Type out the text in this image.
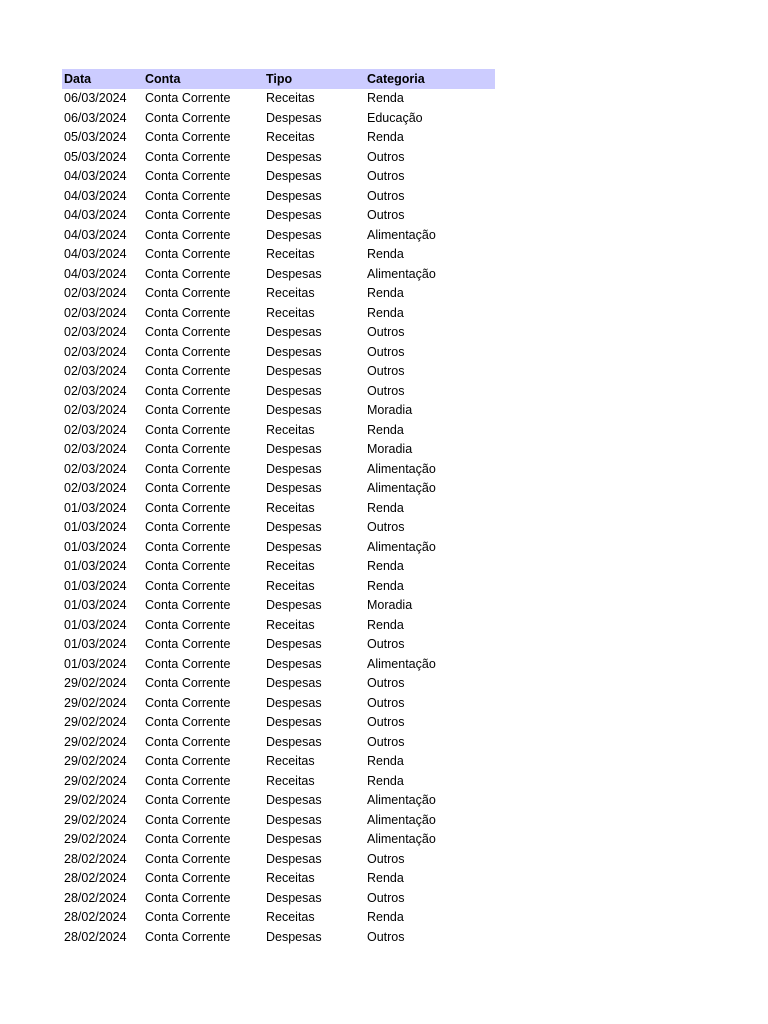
Data	Conta	Tipo	Categoria
06/03/2024	Conta Corrente	Receitas	Renda
06/03/2024	Conta Corrente	Despesas	Educação
05/03/2024	Conta Corrente	Receitas	Renda
05/03/2024	Conta Corrente	Despesas	Outros
04/03/2024	Conta Corrente	Despesas	Outros
04/03/2024	Conta Corrente	Despesas	Outros
04/03/2024	Conta Corrente	Despesas	Outros
04/03/2024	Conta Corrente	Despesas	Alimentação
04/03/2024	Conta Corrente	Receitas	Renda
04/03/2024	Conta Corrente	Despesas	Alimentação
02/03/2024	Conta Corrente	Receitas	Renda
02/03/2024	Conta Corrente	Receitas	Renda
02/03/2024	Conta Corrente	Despesas	Outros
02/03/2024	Conta Corrente	Despesas	Outros
02/03/2024	Conta Corrente	Despesas	Outros
02/03/2024	Conta Corrente	Despesas	Outros
02/03/2024	Conta Corrente	Despesas	Moradia
02/03/2024	Conta Corrente	Receitas	Renda
02/03/2024	Conta Corrente	Despesas	Moradia
02/03/2024	Conta Corrente	Despesas	Alimentação
02/03/2024	Conta Corrente	Despesas	Alimentação
01/03/2024	Conta Corrente	Receitas	Renda
01/03/2024	Conta Corrente	Despesas	Outros
01/03/2024	Conta Corrente	Despesas	Alimentação
01/03/2024	Conta Corrente	Receitas	Renda
01/03/2024	Conta Corrente	Receitas	Renda
01/03/2024	Conta Corrente	Despesas	Moradia
01/03/2024	Conta Corrente	Receitas	Renda
01/03/2024	Conta Corrente	Despesas	Outros
01/03/2024	Conta Corrente	Despesas	Alimentação
29/02/2024	Conta Corrente	Despesas	Outros
29/02/2024	Conta Corrente	Despesas	Outros
29/02/2024	Conta Corrente	Despesas	Outros
29/02/2024	Conta Corrente	Despesas	Outros
29/02/2024	Conta Corrente	Receitas	Renda
29/02/2024	Conta Corrente	Receitas	Renda
29/02/2024	Conta Corrente	Despesas	Alimentação
29/02/2024	Conta Corrente	Despesas	Alimentação
29/02/2024	Conta Corrente	Despesas	Alimentação
28/02/2024	Conta Corrente	Despesas	Outros
28/02/2024	Conta Corrente	Receitas	Renda
28/02/2024	Conta Corrente	Despesas	Outros
28/02/2024	Conta Corrente	Receitas	Renda
28/02/2024	Conta Corrente	Despesas	Outros
